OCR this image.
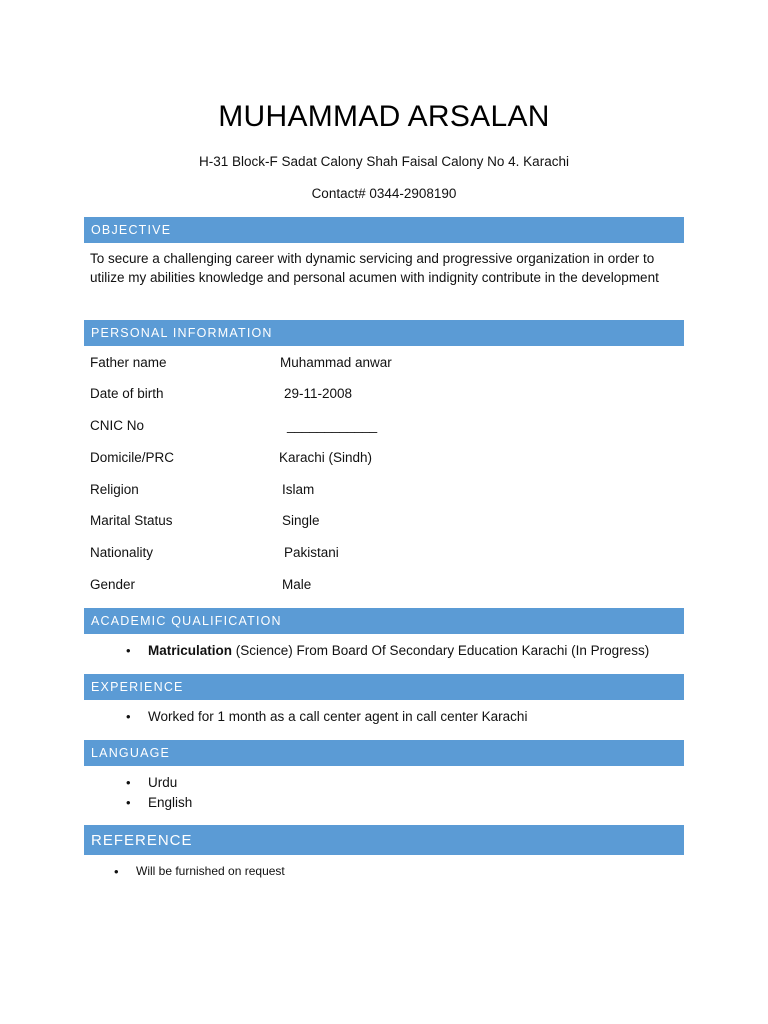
MUHAMMAD ARSALAN
H-31 Block-F Sadat Calony Shah Faisal Calony No 4. Karachi
Contact# 0344-2908190
OBJECTIVE
To secure a challenging career with dynamic servicing and progressive organization in order to utilize my abilities knowledge and personal acumen with indignity contribute in the development
PERSONAL INFORMATION
Father name	Muhammad anwar
Date of birth	29-11-2008
CNIC No	____________
Domicile/PRC	Karachi (Sindh)
Religion	Islam
Marital Status	Single
Nationality	Pakistani
Gender	Male
ACADEMIC QUALIFICATION
• Matriculation (Science) From Board Of Secondary Education Karachi (In Progress)
EXPERIENCE
• Worked for 1 month as a call center agent in call center Karachi
LANGUAGE
• Urdu
• English
REFERENCE
• Will be furnished on request
